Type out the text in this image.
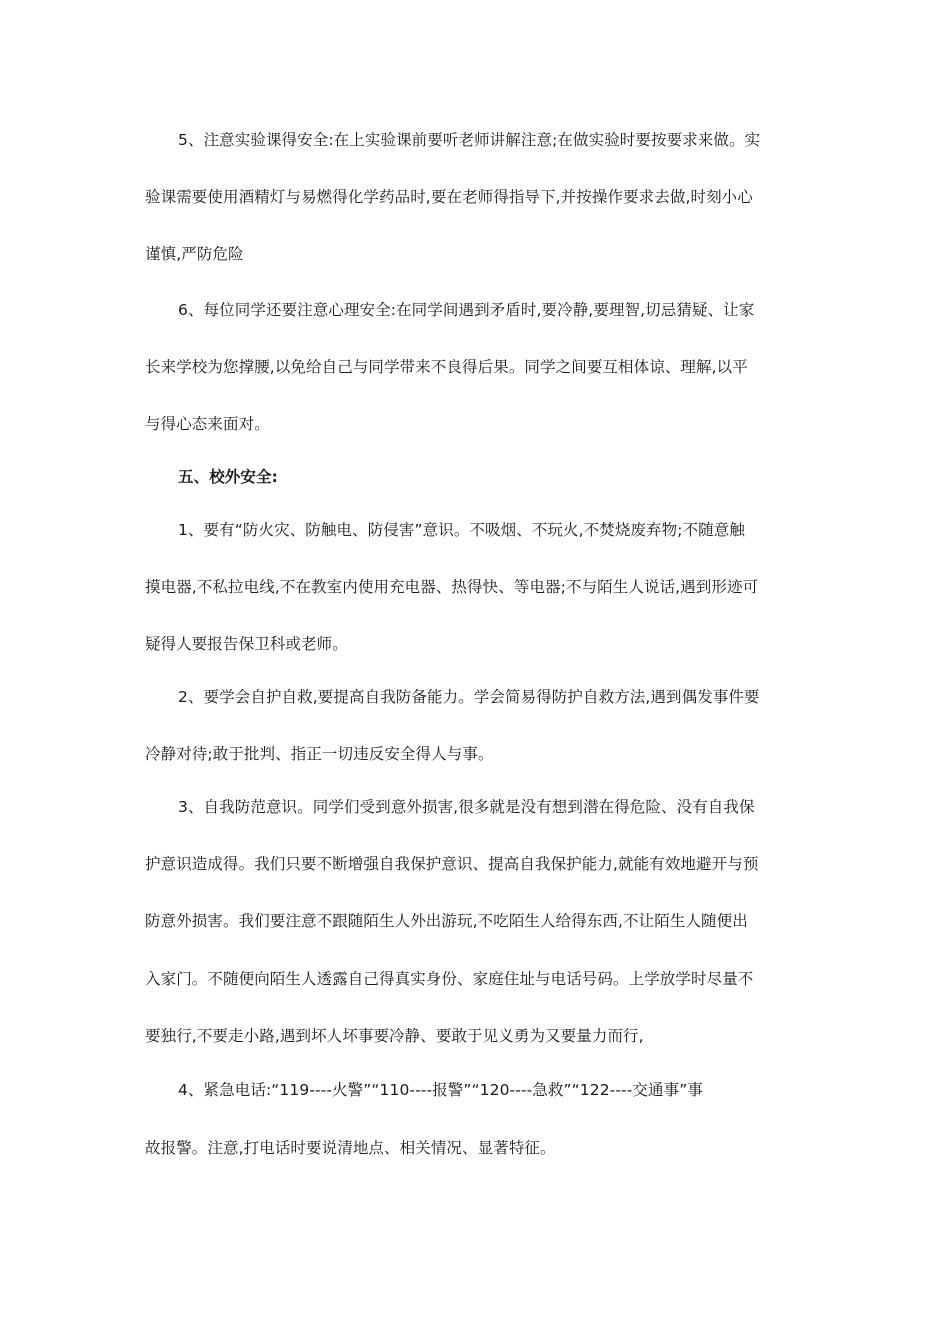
5、注意实验课得安全:在上实验课前要听老师讲解注意;在做实验时要按要求来做。实
验课需要使用酒精灯与易燃得化学药品时,要在老师得指导下,并按操作要求去做,时刻小心
谨慎,严防危险
6、每位同学还要注意心理安全:在同学间遇到矛盾时,要冷静,要理智,切忌猜疑、让家
长来学校为您撑腰,以免给自己与同学带来不良得后果。同学之间要互相体谅、理解,以平
与得心态来面对。
五、校外安全:
1、要有“防火灾、防触电、防侵害”意识。不吸烟、不玩火,不焚烧废弃物;不随意触
摸电器,不私拉电线,不在教室内使用充电器、热得快、等电器;不与陌生人说话,遇到形迹可
疑得人要报告保卫科或老师。
2、要学会自护自救,要提高自我防备能力。学会简易得防护自救方法,遇到偶发事件要
冷静对待;敢于批判、指正一切违反安全得人与事。
3、自我防范意识。同学们受到意外损害,很多就是没有想到潜在得危险、没有自我保
护意识造成得。我们只要不断增强自我保护意识、提高自我保护能力,就能有效地避开与预
防意外损害。我们要注意不跟随陌生人外出游玩,不吃陌生人给得东西,不让陌生人随便出
入家门。不随便向陌生人透露自己得真实身份、家庭住址与电话号码。上学放学时尽量不
要独行,不要走小路,遇到坏人坏事要冷静、要敢于见义勇为又要量力而行,
4、紧急电话:“119----火警”“110----报警”“120----急救”“122----交通事”事
故报警。注意,打电话时要说清地点、相关情况、显著特征。
